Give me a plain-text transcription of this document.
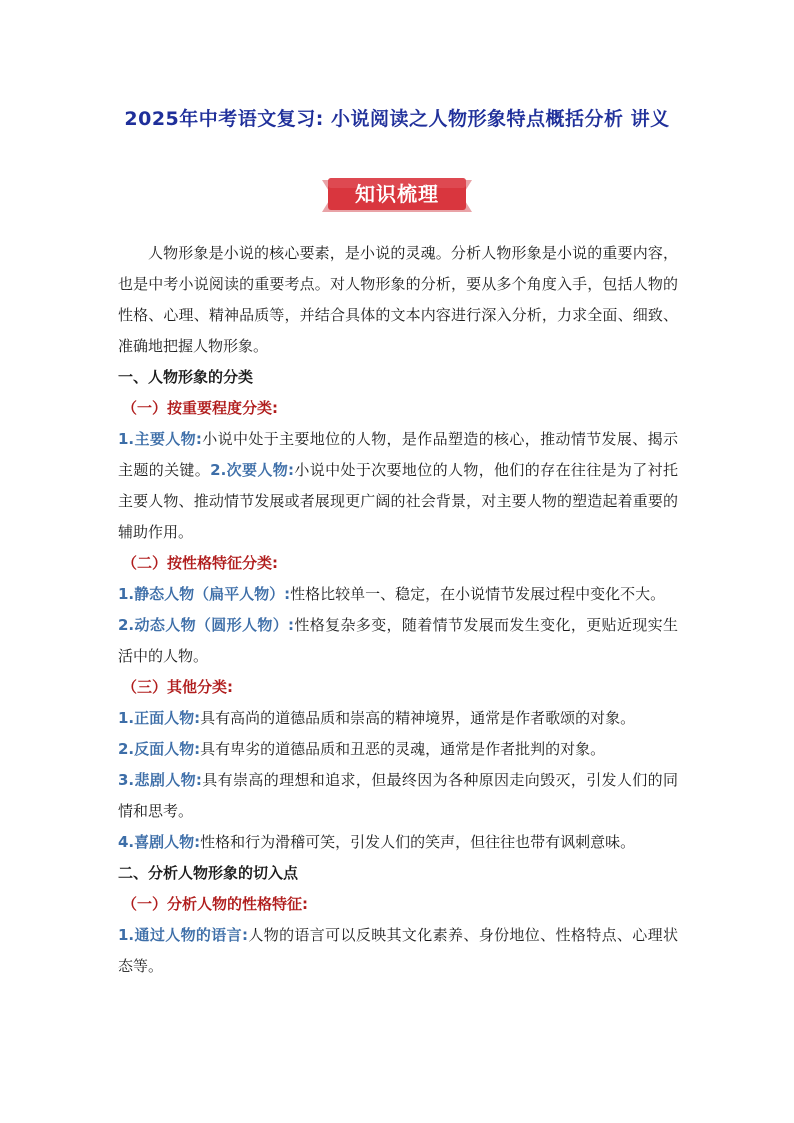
2025年中考语文复习: 小说阅读之人物形象特点概括分析 讲义
知识梳理

人物形象是小说的核心要素，是小说的灵魂。分析人物形象是小说的重要内容，也是中考小说阅读的重要考点。对人物形象的分析，要从多个角度入手，包括人物的性格、心理、精神品质等，并结合具体的文本内容进行深入分析，力求全面、细致、准确地把握人物形象。

一、人物形象的分类

（一）按重要程度分类:

1.主要人物:小说中处于主要地位的人物，是作品塑造的核心，推动情节发展、揭示主题的关键。2.次要人物:小说中处于次要地位的人物，他们的存在往往是为了衬托主要人物、推动情节发展或者展现更广阔的社会背景，对主要人物的塑造起着重要的辅助作用。

（二）按性格特征分类:

1.静态人物（扁平人物）:性格比较单一、稳定，在小说情节发展过程中变化不大。

2.动态人物（圆形人物）:性格复杂多变，随着情节发展而发生变化，更贴近现实生活中的人物。

（三）其他分类:

1.正面人物:具有高尚的道德品质和崇高的精神境界，通常是作者歌颂的对象。

2.反面人物:具有卑劣的道德品质和丑恶的灵魂，通常是作者批判的对象。

3.悲剧人物:具有崇高的理想和追求，但最终因为各种原因走向毁灭，引发人们的同情和思考。

4.喜剧人物:性格和行为滑稽可笑，引发人们的笑声，但往往也带有讽刺意味。

二、分析人物形象的切入点

（一）分析人物的性格特征:

1.通过人物的语言:人物的语言可以反映其文化素养、身份地位、性格特点、心理状态等。
